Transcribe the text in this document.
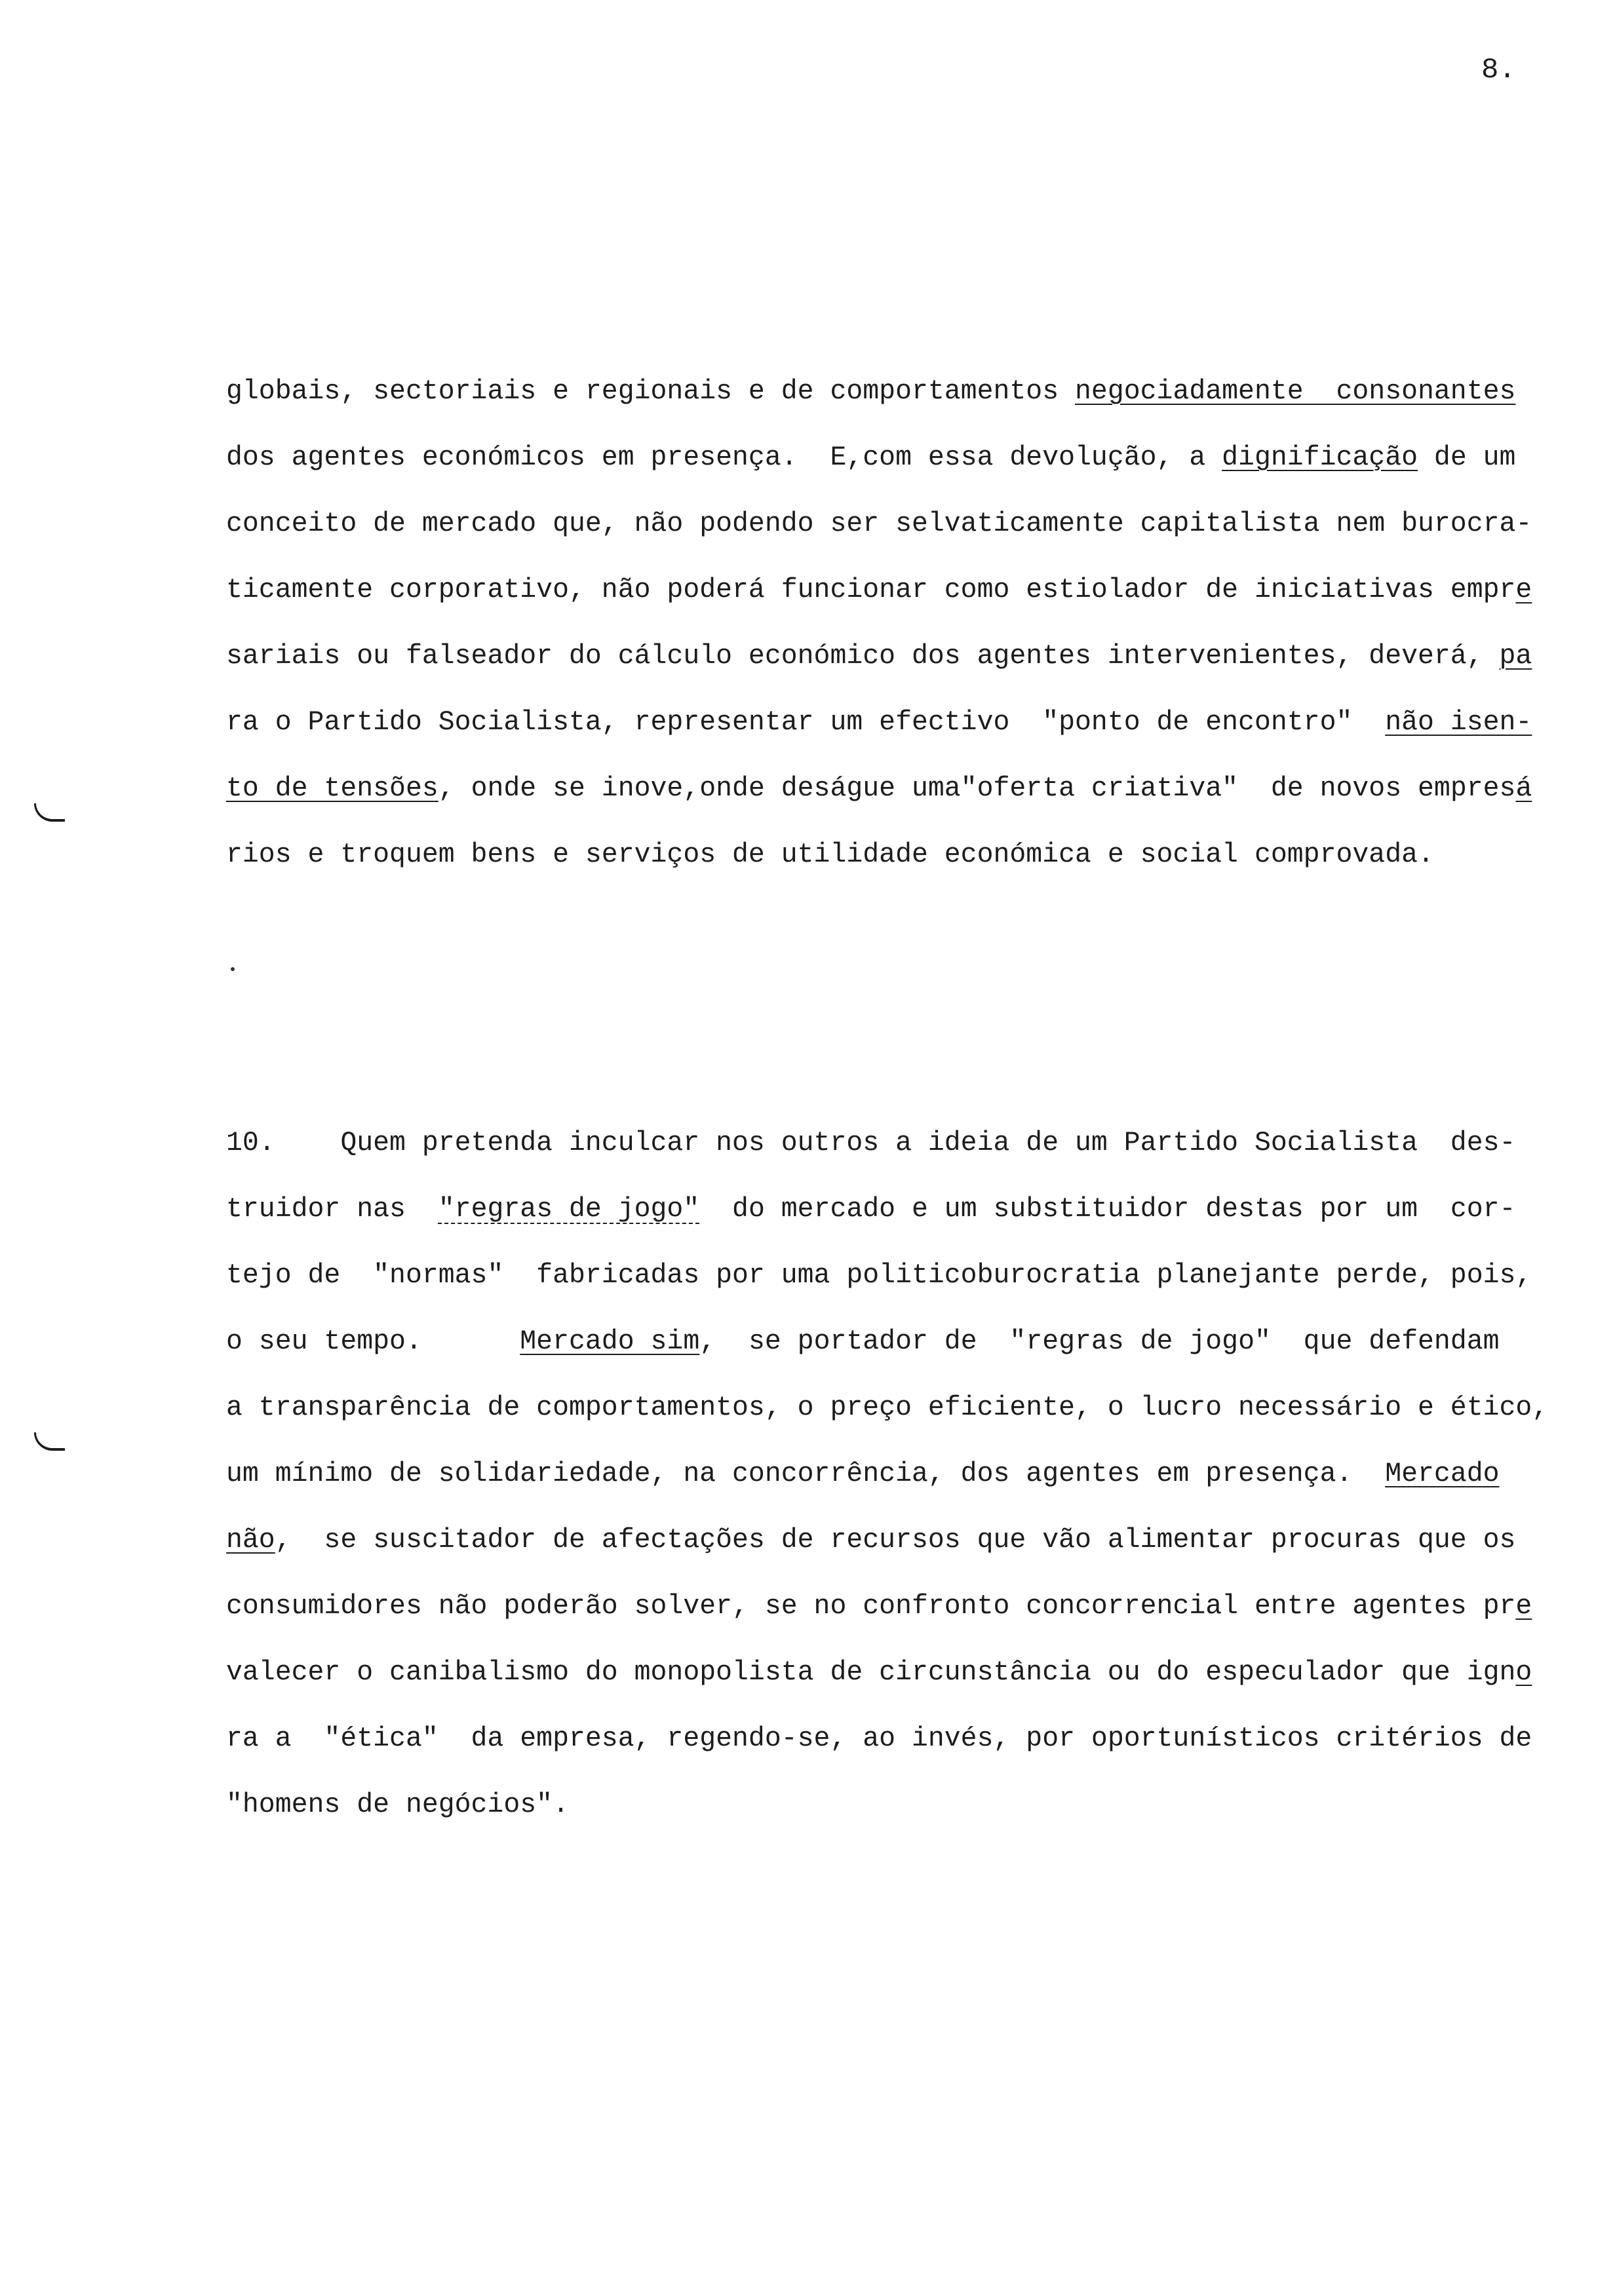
8.
globais, sectoriais e regionais e de comportamentos negociadamente  consonantes
dos agentes económicos em presença.  E,com essa devolução, a dignificação de um
conceito de mercado que, não podendo ser selvaticamente capitalista nem burocra-
ticamente corporativo, não poderá funcionar como estiolador de iniciativas empre
sariais ou falseador do cálculo económico dos agentes intervenientes, deverá, pa
ra o Partido Socialista, representar um efectivo  "ponto de encontro"  não isen-
to de tensões, onde se inove,onde deságue uma"oferta criativa"  de novos empresá
rios e troquem bens e serviços de utilidade económica e social comprovada.
10.    Quem pretenda inculcar nos outros a ideia de um Partido Socialista  des-
truidor nas  "regras de jogo"  do mercado e um substituidor destas por um  cor-
tejo de  "normas"  fabricadas por uma politicoburocratia planejante perde, pois,
o seu tempo.      Mercado sim,  se portador de  "regras de jogo"  que defendam
a transparência de comportamentos, o preço eficiente, o lucro necessário e ético,
um mínimo de solidariedade, na concorrência, dos agentes em presença.  Mercado
não,  se suscitador de afectações de recursos que vão alimentar procuras que os
consumidores não poderão solver, se no confronto concorrencial entre agentes pre
valecer o canibalismo do monopolista de circunstância ou do especulador que igno
ra a  "ética"  da empresa, regendo-se, ao invés, por oportunísticos critérios de
"homens de negócios".
